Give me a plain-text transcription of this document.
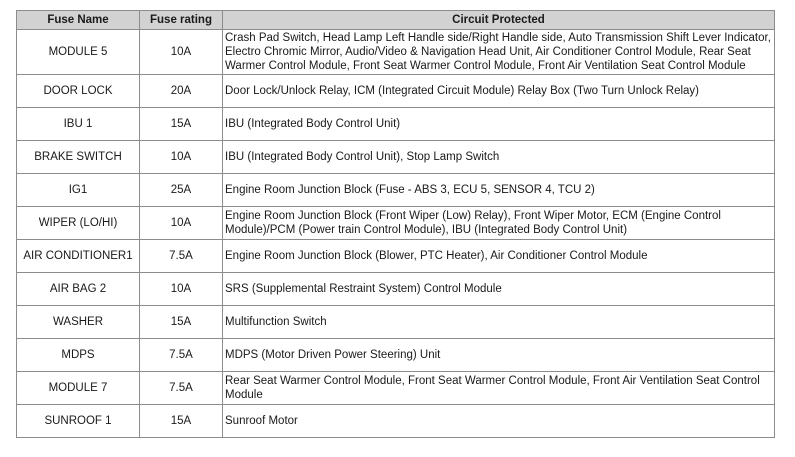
Fuse Name	Fuse rating	Circuit Protected
MODULE 5	10A	Crash Pad Switch, Head Lamp Left Handle side/Right Handle side, Auto Transmission Shift Lever Indicator, Electro Chromic Mirror, Audio/Video & Navigation Head Unit, Air Conditioner Control Module, Rear Seat Warmer Control Module, Front Seat Warmer Control Module, Front Air Ventilation Seat Control Module
DOOR LOCK	20A	Door Lock/Unlock Relay, ICM (Integrated Circuit Module) Relay Box (Two Turn Unlock Relay)
IBU 1	15A	IBU (Integrated Body Control Unit)
BRAKE SWITCH	10A	IBU (Integrated Body Control Unit), Stop Lamp Switch
IG1	25A	Engine Room Junction Block (Fuse - ABS 3, ECU 5, SENSOR 4, TCU 2)
WIPER (LO/HI)	10A	Engine Room Junction Block (Front Wiper (Low) Relay), Front Wiper Motor, ECM (Engine Control Module)/PCM (Power train Control Module), IBU (Integrated Body Control Unit)
AIR CONDITIONER1	7.5A	Engine Room Junction Block (Blower, PTC Heater), Air Conditioner Control Module
AIR BAG 2	10A	SRS (Supplemental Restraint System) Control Module
WASHER	15A	Multifunction Switch
MDPS	7.5A	MDPS (Motor Driven Power Steering) Unit
MODULE 7	7.5A	Rear Seat Warmer Control Module, Front Seat Warmer Control Module, Front Air Ventilation Seat Control Module
SUNROOF 1	15A	Sunroof Motor
